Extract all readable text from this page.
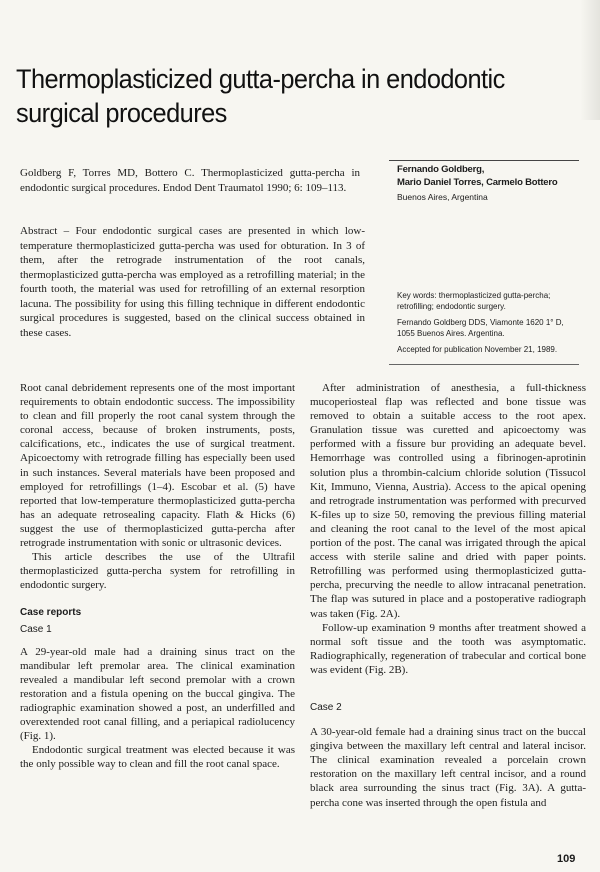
Thermoplasticized gutta-percha in endodontic surgical procedures
Goldberg F, Torres MD, Bottero C. Thermoplasticized gutta-percha in endodontic surgical procedures. Endod Dent Traumatol 1990; 6: 109–113.
Abstract – Four endodontic surgical cases are presented in which low-temperature thermoplasticized gutta-percha was used for obturation. In 3 of them, after the retrograde instrumentation of the root canals, thermoplasticized gutta-percha was employed as a retrofilling material; in the fourth tooth, the material was used for retrofilling of an external resorption lacuna. The possibility for using this filling technique in different endodontic surgical procedures is suggested, based on the clinical success obtained in these cases.
Fernando Goldberg,
Mario Daniel Torres, Carmelo Bottero
Buenos Aires, Argentina

Key words: thermoplasticized gutta-percha; retrofilling; endodontic surgery.

Fernando Goldberg DDS, Viamonte 1620 1° D, 1055 Buenos Aires. Argentina.

Accepted for publication November 21, 1989.

Root canal debridement represents one of the most important requirements to obtain endodontic success. The impossibility to clean and fill properly the root canal system through the coronal access, because of broken instruments, posts, calcifications, etc., indicates the use of surgical treatment. Apicoectomy with retrograde filling has especially been used in such instances. Several materials have been proposed and employed for retrofillings (1–4). Escobar et al. (5) have reported that low-temperature thermoplasticized gutta-percha has an adequate retrosealing capacity. Flath & Hicks (6) suggest the use of thermoplasticized gutta-percha after retrograde instrumentation with sonic or ultrasonic devices.

This article describes the use of the Ultrafil thermoplasticized gutta-percha system for retrofilling in endodontic surgery.

Case reports
Case 1

A 29-year-old male had a draining sinus tract on the mandibular left premolar area. The clinical examination revealed a mandibular left second premolar with a crown restoration and a fistula opening on the buccal gingiva. The radiographic examination showed a post, an underfilled and overextended root canal filling, and a periapical radiolucency (Fig. 1).

Endodontic surgical treatment was elected because it was the only possible way to clean and fill the root canal space.

After administration of anesthesia, a full-thickness mucoperiosteal flap was reflected and bone tissue was removed to obtain a suitable access to the root apex. Granulation tissue was curetted and apicoectomy was performed with a fissure bur providing an adequate bevel. Hemorrhage was controlled using a fibrinogen-aprotinin solution plus a thrombin-calcium chloride solution (Tissucol Kit, Immuno, Vienna, Austria). Access to the apical opening and retrograde instrumentation was performed with precurved K-files up to size 50, removing the previous filling material and cleaning the root canal to the level of the most apical portion of the post. The canal was irrigated through the apical access with sterile saline and dried with paper points. Retrofilling was performed using thermoplasticized gutta-percha, precurving the needle to allow intracanal penetration. The flap was sutured in place and a postoperative radiograph was taken (Fig. 2A).

Follow-up examination 9 months after treatment showed a normal soft tissue and the tooth was asymptomatic. Radiographically, regeneration of trabecular and cortical bone was evident (Fig. 2B).

Case 2

A 30-year-old female had a draining sinus tract on the buccal gingiva between the maxillary left central and lateral incisor. The clinical examination revealed a porcelain crown restoration on the maxillary left central incisor, and a round black area surrounding the sinus tract (Fig. 3A). A gutta-percha cone was inserted through the open fistula and

109
